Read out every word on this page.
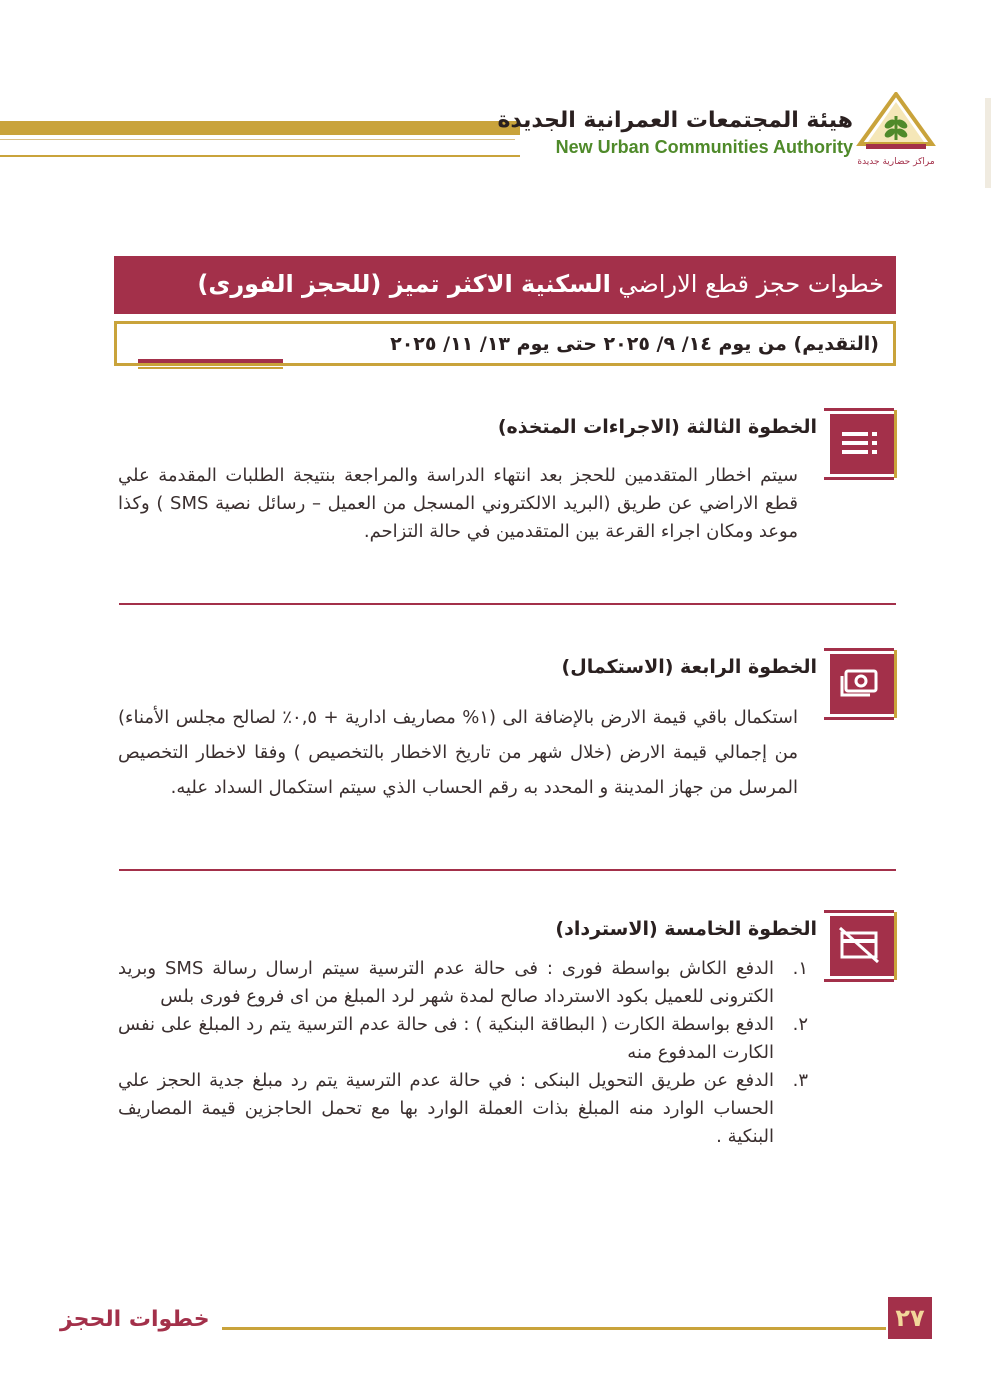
هيئة المجتمعات العمرانية الجديدة
New Urban Communities Authority
مراكز حضارية جديدة
خطوات حجز قطع الاراضي السكنية الاكثر تميز (للحجز الفورى)
(التقديم) من يوم ١٤/ ٩/ ٢٠٢٥ حتى يوم ١٣/ ١١/ ٢٠٢٥
الخطوة الثالثة (الاجراءات المتخذه)
سيتم اخطار المتقدمين للحجز بعد انتهاء الدراسة والمراجعة بنتيجة الطلبات المقدمة علي قطع الاراضي عن طريق (البريد الالكتروني المسجل من العميل – رسائل نصية SMS ) وكذا موعد ومكان اجراء القرعة بين المتقدمين في حالة التزاحم.
الخطوة الرابعة (الاستكمال)
استكمال باقي قيمة الارض بالإضافة الى (١% مصاريف ادارية + ٠,٥٪ لصالح مجلس الأمناء) من إجمالي قيمة الارض (خلال شهر من تاريخ الاخطار بالتخصيص ) وفقا لاخطار التخصيص المرسل من جهاز المدينة و المحدد به رقم الحساب الذي سيتم استكمال السداد عليه.
الخطوة الخامسة (الاسترداد)
١.
الدفع الكاش بواسطة فورى : فى حالة عدم الترسية سيتم ارسال رسالة SMS وبريد الكترونى للعميل بكود الاسترداد صالح لمدة شهر لرد المبلغ من اى فروع فورى بلس
٢.
الدفع بواسطة الكارت ( البطاقة البنكية ) : فى حالة عدم الترسية يتم رد المبلغ على نفس الكارت المدفوع منه
٣.
الدفع عن طريق التحويل البنكى : في حالة عدم الترسية يتم رد مبلغ جدية الحجز علي الحساب الوارد منه المبلغ بذات العملة الوارد بها مع تحمل الحاجزين قيمة المصاريف البنكية .
خطوات الحجز	٢٧
